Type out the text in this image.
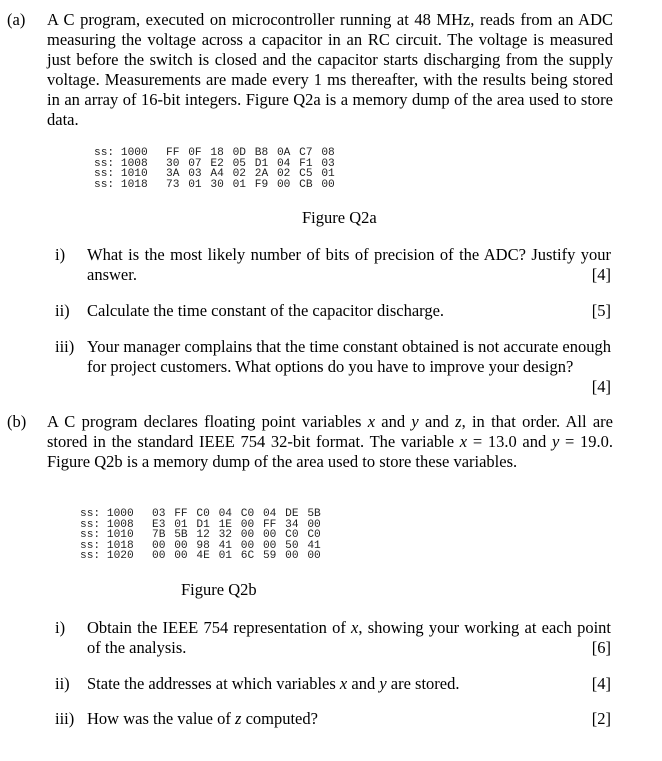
(a) A C program, executed on microcontroller running at 48 MHz, reads from an ADC measuring the voltage across a capacitor in an RC circuit. The voltage is measured just before the switch is closed and the capacitor starts discharging from the supply voltage. Measurements are made every 1 ms thereafter, with the results being stored in an array of 16-bit integers. Figure Q2a is a memory dump of the area used to store data.
ss: 1000 FF 0F 18 0D B8 0A C7 08
ss: 1008 30 07 E2 05 D1 04 F1 03
ss: 1010 3A 03 A4 02 2A 02 C5 01
ss: 1018 73 01 30 01 F9 00 CB 00
Figure Q2a
i) What is the most likely number of bits of precision of the ADC? Justify your answer.	[4]
ii) Calculate the time constant of the capacitor discharge.	[5]
iii) Your manager complains that the time constant obtained is not accurate enough for project customers. What options do you have to improve your design?
[4]
(b) A C program declares floating point variables x and y and z, in that order. All are stored in the standard IEEE 754 32-bit format. The variable x = 13.0 and y = 19.0. Figure Q2b is a memory dump of the area used to store these variables.
ss: 1000 03 FF C0 04 C0 04 DE 5B
ss: 1008 E3 01 D1 1E 00 FF 34 00
ss: 1010 7B 5B 12 32 00 00 C0 C0
ss: 1018 00 00 98 41 00 00 50 41
ss: 1020 00 00 4E 01 6C 59 00 00
Figure Q2b
i) Obtain the IEEE 754 representation of x, showing your working at each point of the analysis.	[6]
ii) State the addresses at which variables x and y are stored.	[4]
iii) How was the value of z computed?	[2]
